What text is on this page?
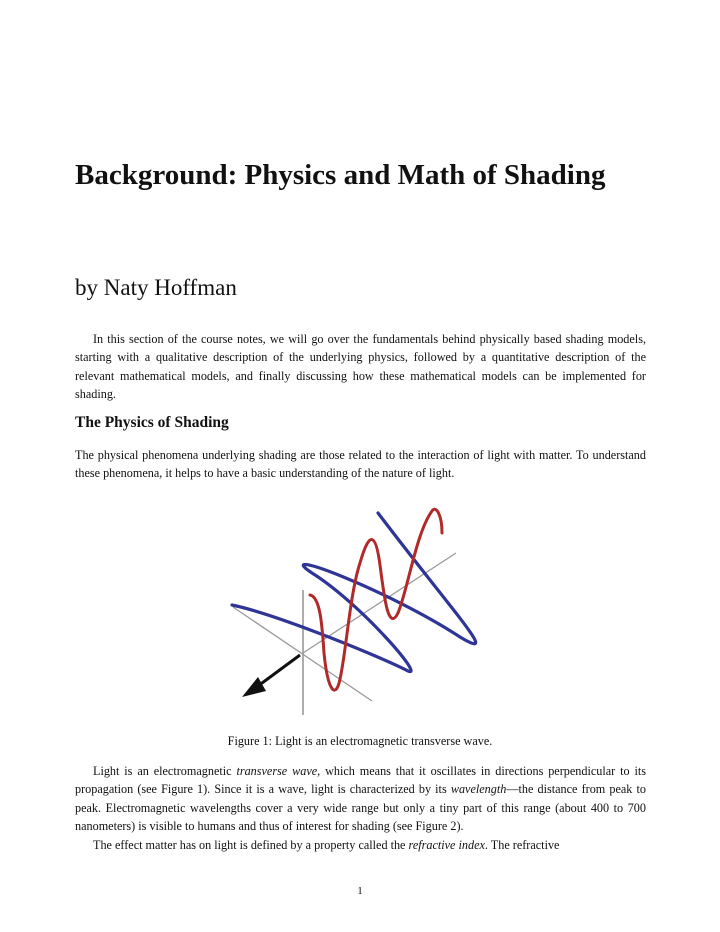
Background: Physics and Math of Shading
by Naty Hoffman

In this section of the course notes, we will go over the fundamentals behind physically based shading models, starting with a qualitative description of the underlying physics, followed by a quantitative description of the relevant mathematical models, and finally discussing how these mathematical models can be implemented for shading.

The Physics of Shading

The physical phenomena underlying shading are those related to the interaction of light with matter. To understand these phenomena, it helps to have a basic understanding of the nature of light.

Figure 1: Light is an electromagnetic transverse wave.

Light is an electromagnetic transverse wave, which means that it oscillates in directions perpendicular to its propagation (see Figure 1). Since it is a wave, light is characterized by its wavelength—the distance from peak to peak. Electromagnetic wavelengths cover a very wide range but only a tiny part of this range (about 400 to 700 nanometers) is visible to humans and thus of interest for shading (see Figure 2).

The effect matter has on light is defined by a property called the refractive index. The refractive

1
